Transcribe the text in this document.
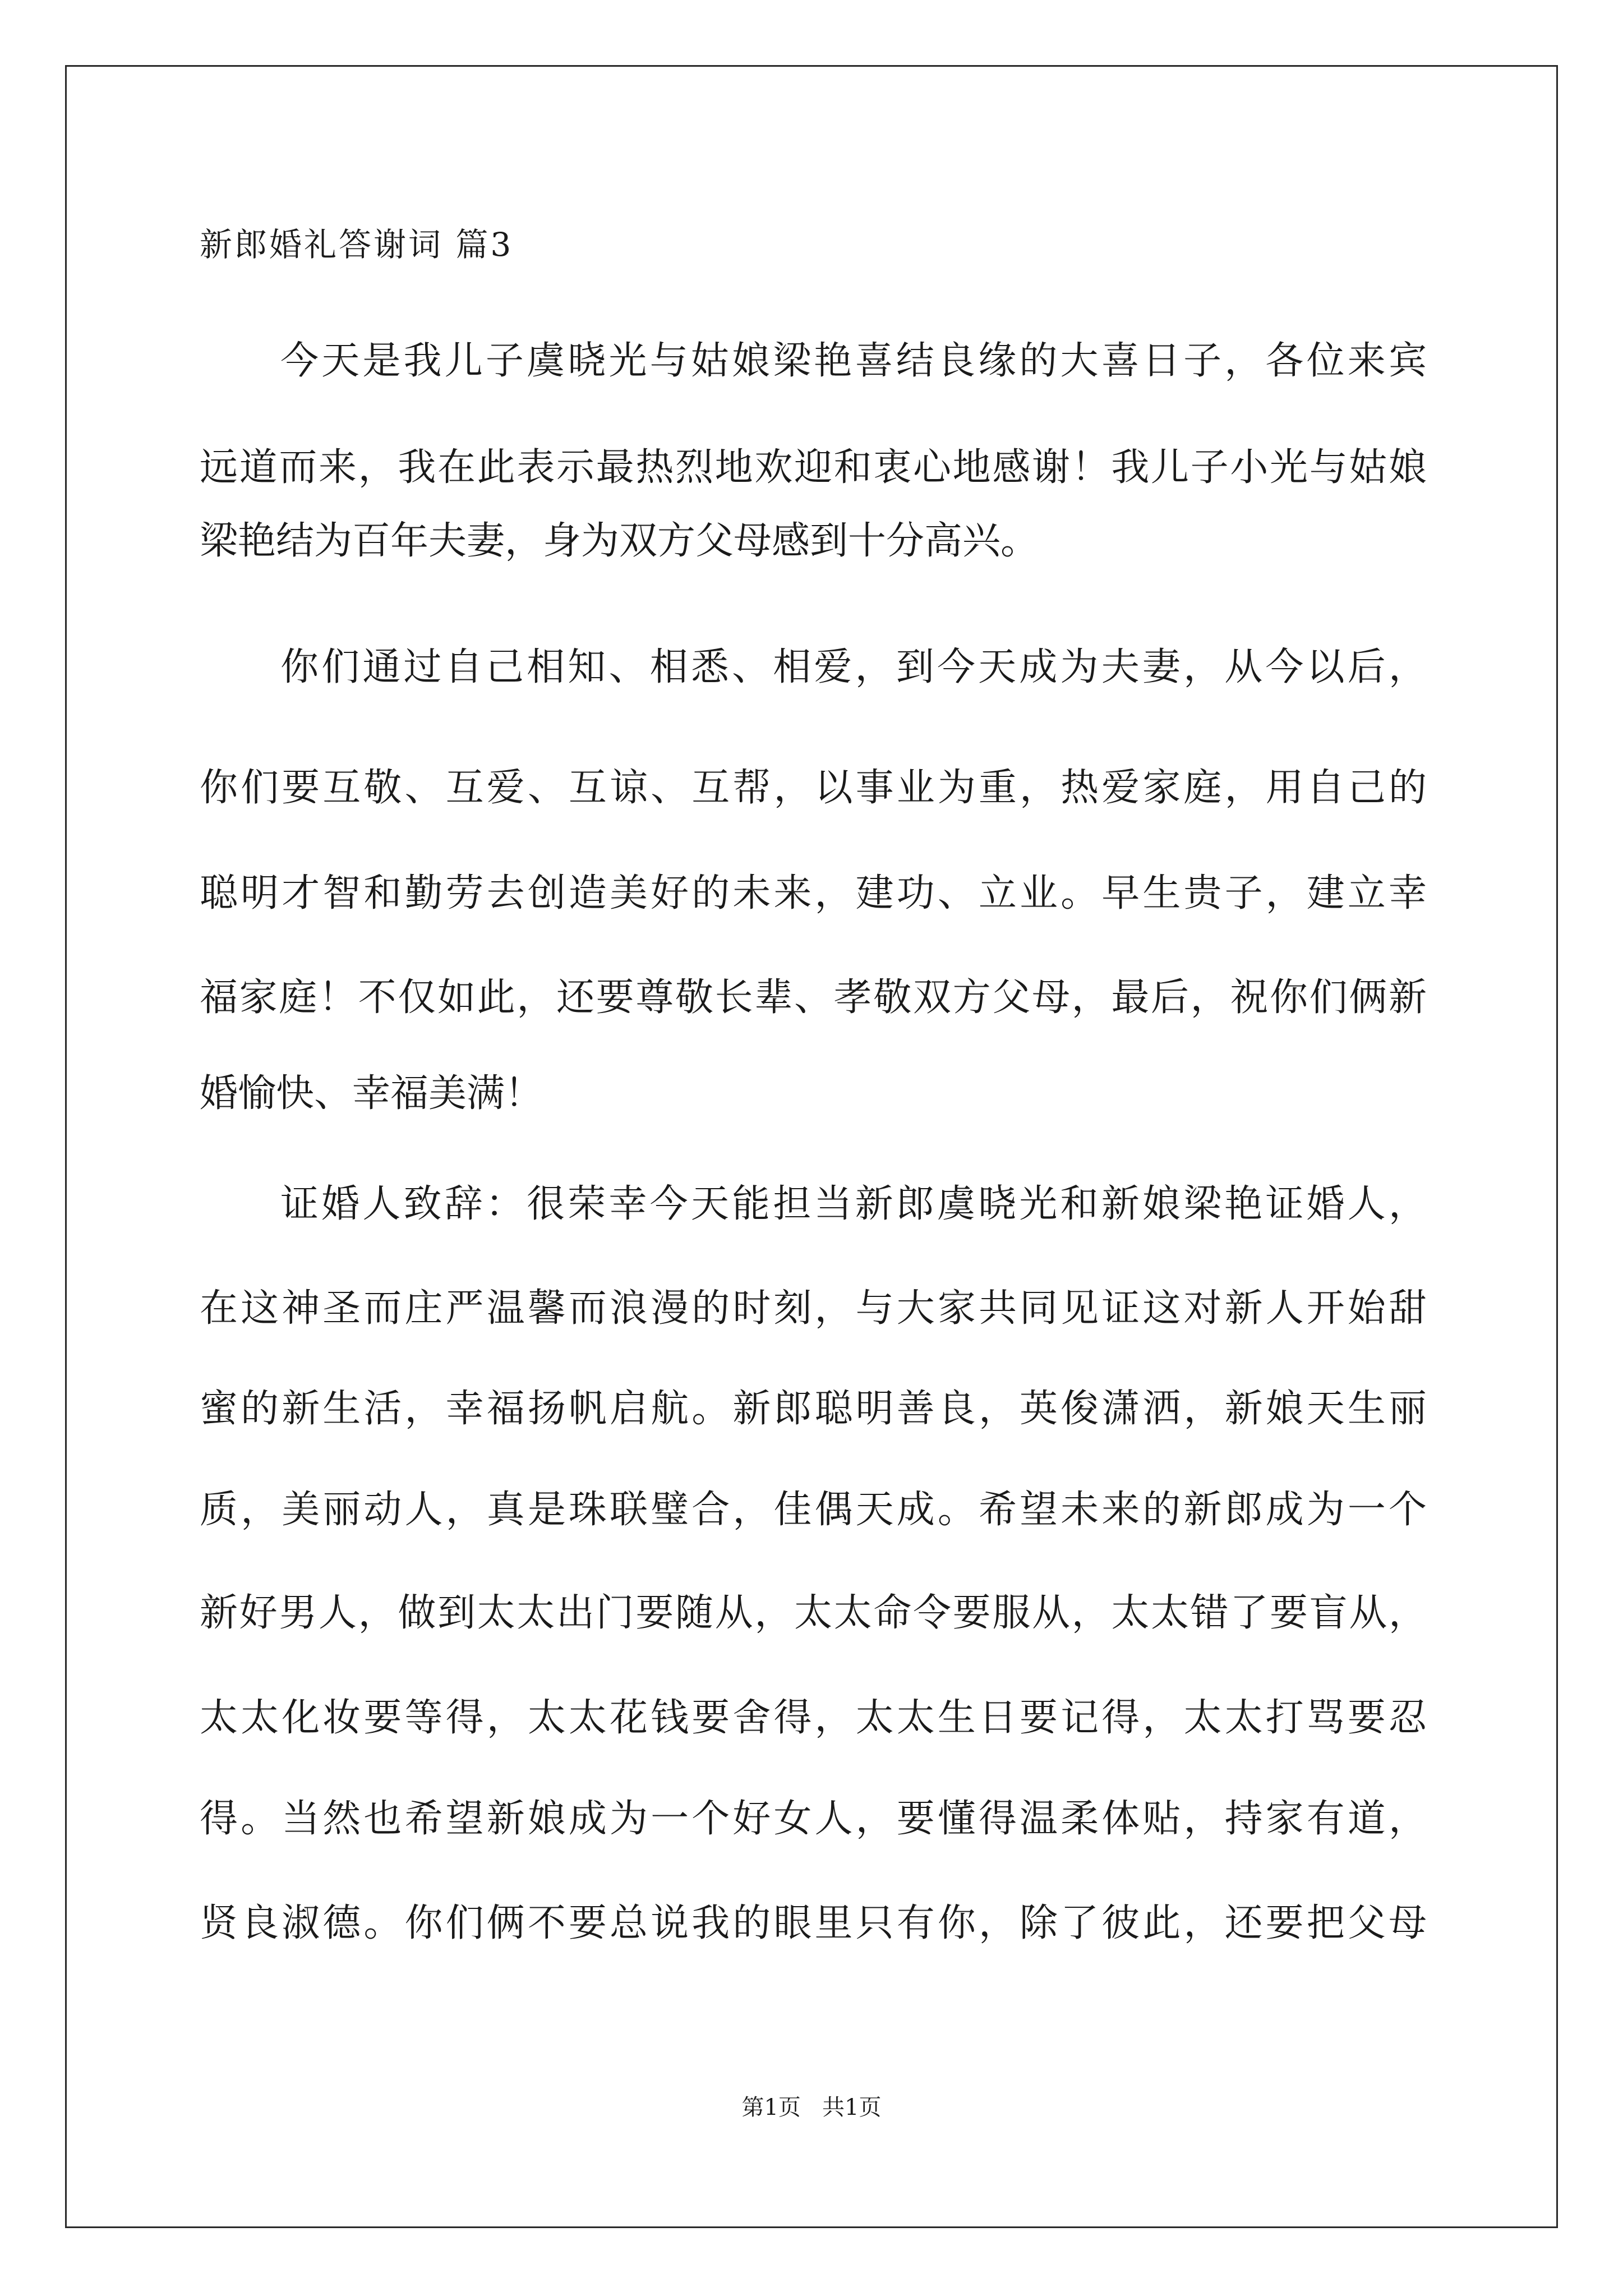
新郎婚礼答谢词 篇3
今天是我儿子虞晓光与姑娘梁艳喜结良缘的大喜日子，各位来宾
远道而来，我在此表示最热烈地欢迎和衷心地感谢！我儿子小光与姑娘
梁艳结为百年夫妻，身为双方父母感到十分高兴。
你们通过自己相知、相悉、相爱，到今天成为夫妻，从今以后，
你们要互敬、互爱、互谅、互帮，以事业为重，热爱家庭，用自己的
聪明才智和勤劳去创造美好的未来，建功、立业。早生贵子，建立幸
福家庭！不仅如此，还要尊敬长辈、孝敬双方父母，最后，祝你们俩新
婚愉快、幸福美满！
证婚人致辞：很荣幸今天能担当新郎虞晓光和新娘梁艳证婚人，
在这神圣而庄严温馨而浪漫的时刻，与大家共同见证这对新人开始甜
蜜的新生活，幸福扬帆启航。新郎聪明善良，英俊潇洒，新娘天生丽
质，美丽动人，真是珠联璧合，佳偶天成。希望未来的新郎成为一个
新好男人，做到太太出门要随从，太太命令要服从，太太错了要盲从，
太太化妆要等得，太太花钱要舍得，太太生日要记得，太太打骂要忍
得。当然也希望新娘成为一个好女人，要懂得温柔体贴，持家有道，
贤良淑德。你们俩不要总说我的眼里只有你，除了彼此，还要把父母
第1页   共1页
